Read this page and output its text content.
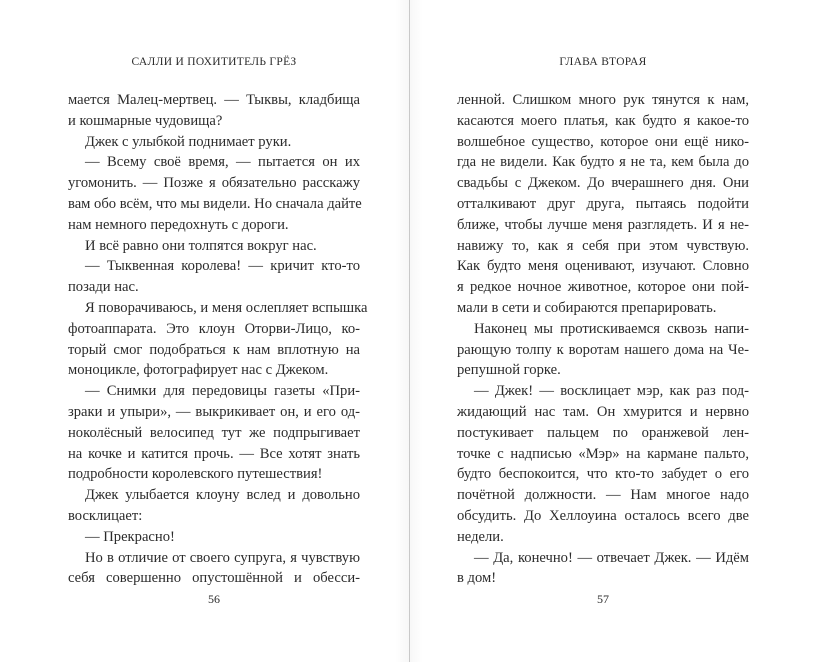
САЛЛИ И ПОХИТИТЕЛЬ ГРЁЗ
мается Малец-мертвец. — Тыквы, кладбища
и кошмарные чудовища?
Джек с улыбкой поднимает руки.
— Всему своё время, — пытается он их
угомонить. — Позже я обязательно расскажу
вам обо всём, что мы видели. Но сначала дайте
нам немного передохнуть с дороги.
И всё равно они толпятся вокруг нас.
— Тыквенная королева! — кричит кто-то
позади нас.
Я поворачиваюсь, и меня ослепляет вспышка
фотоаппарата. Это клоун Оторви-Лицо, ко-
торый смог подобраться к нам вплотную на
моноцикле, фотографирует нас с Джеком.
— Снимки для передовицы газеты «При-
зраки и упыри», — выкрикивает он, и его од-
ноколёсный велосипед тут же подпрыгивает
на кочке и катится прочь. — Все хотят знать
подробности королевского путешествия!
Джек улыбается клоуну вслед и довольно
восклицает:
— Прекрасно!
Но в отличие от своего супруга, я чувствую
себя совершенно опустошённой и обесси-
56
ГЛАВА ВТОРАЯ
ленной. Слишком много рук тянутся к нам,
касаются моего платья, как будто я какое-то
волшебное существо, которое они ещё нико-
гда не видели. Как будто я не та, кем была до
свадьбы с Джеком. До вчерашнего дня. Они
отталкивают друг друга, пытаясь подойти
ближе, чтобы лучше меня разглядеть. И я не-
навижу то, как я себя при этом чувствую.
Как будто меня оценивают, изучают. Словно
я редкое ночное животное, которое они пой-
мали в сети и собираются препарировать.
Наконец мы протискиваемся сквозь напи-
рающую толпу к воротам нашего дома на Че-
репушной горке.
— Джек! — восклицает мэр, как раз под-
жидающий нас там. Он хмурится и нервно
постукивает пальцем по оранжевой лен-
точке с надписью «Мэр» на кармане пальто,
будто беспокоится, что кто-то забудет о его
почётной должности. — Нам многое надо
обсудить. До Хеллоуина осталось всего две
недели.
— Да, конечно! — отвечает Джек. — Идём
в дом!
57
